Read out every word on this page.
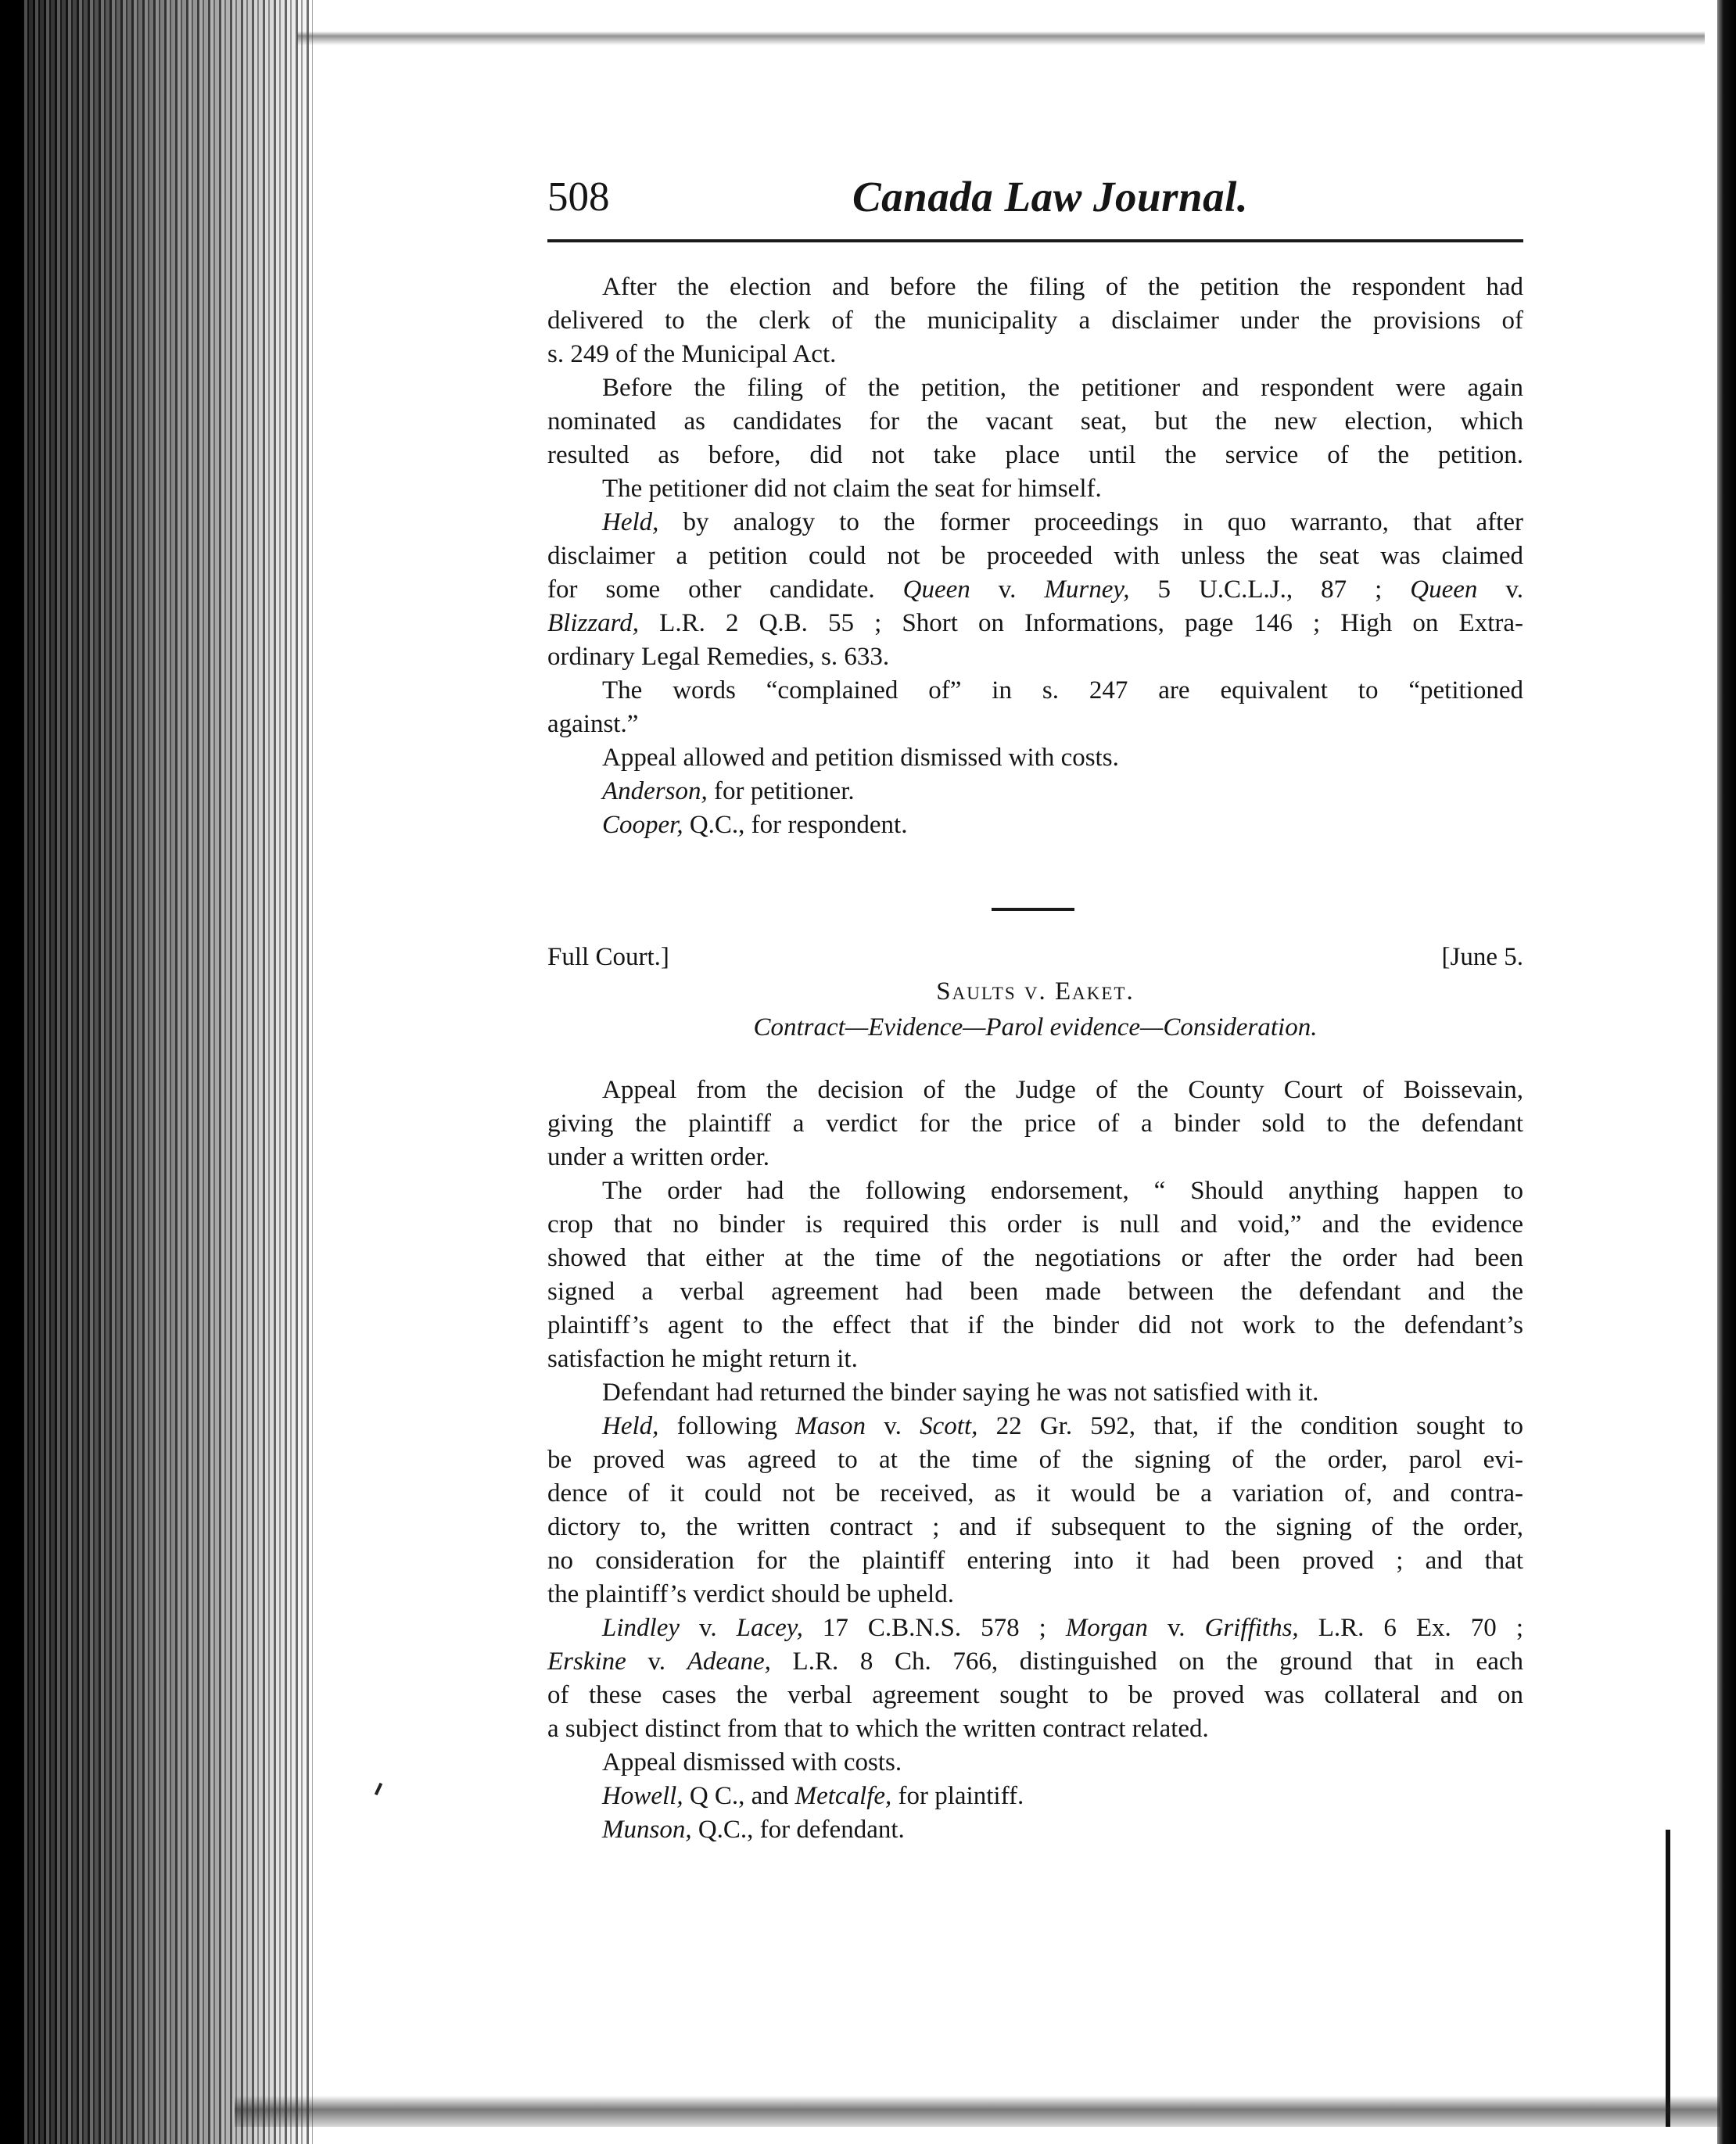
508	Canada Law Journal.
After the election and before the filing of the petition the respondent had
delivered to the clerk of the municipality a disclaimer under the provisions of
s. 249 of the Municipal Act.
Before the filing of the petition, the petitioner and respondent were again
nominated as candidates for the vacant seat, but the new election, which
resulted as before, did not take place until the service of the petition.
The petitioner did not claim the seat for himself.
Held, by analogy to the former proceedings in quo warranto, that after
disclaimer a petition could not be proceeded with unless the seat was claimed
for some other candidate. Queen v. Murney, 5 U.C.L.J., 87 ; Queen v.
Blizzard, L.R. 2 Q.B. 55 ; Short on Informations, page 146 ; High on Extra-
ordinary Legal Remedies, s. 633.
The words “complained of” in s. 247 are equivalent to “petitioned
against.”
Appeal allowed and petition dismissed with costs.
Anderson, for petitioner.
Cooper, Q.C., for respondent.
Full Court.]	[June 5.
Saults v. Eaket.
Contract—Evidence—Parol evidence—Consideration.
Appeal from the decision of the Judge of the County Court of Boissevain,
giving the plaintiff a verdict for the price of a binder sold to the defendant
under a written order.
The order had the following endorsement, “ Should anything happen to
crop that no binder is required this order is null and void,” and the evidence
showed that either at the time of the negotiations or after the order had been
signed a verbal agreement had been made between the defendant and the
plaintiff’s agent to the effect that if the binder did not work to the defendant’s
satisfaction he might return it.
Defendant had returned the binder saying he was not satisfied with it.
Held, following Mason v. Scott, 22 Gr. 592, that, if the condition sought to
be proved was agreed to at the time of the signing of the order, parol evi-
dence of it could not be received, as it would be a variation of, and contra-
dictory to, the written contract ; and if subsequent to the signing of the order,
no consideration for the plaintiff entering into it had been proved ; and that
the plaintiff’s verdict should be upheld.
Lindley v. Lacey, 17 C.B.N.S. 578 ; Morgan v. Griffiths, L.R. 6 Ex. 70 ;
Erskine v. Adeane, L.R. 8 Ch. 766, distinguished on the ground that in each
of these cases the verbal agreement sought to be proved was collateral and on
a subject distinct from that to which the written contract related.
Appeal dismissed with costs.
Howell, Q C., and Metcalfe, for plaintiff.
Munson, Q.C., for defendant.
